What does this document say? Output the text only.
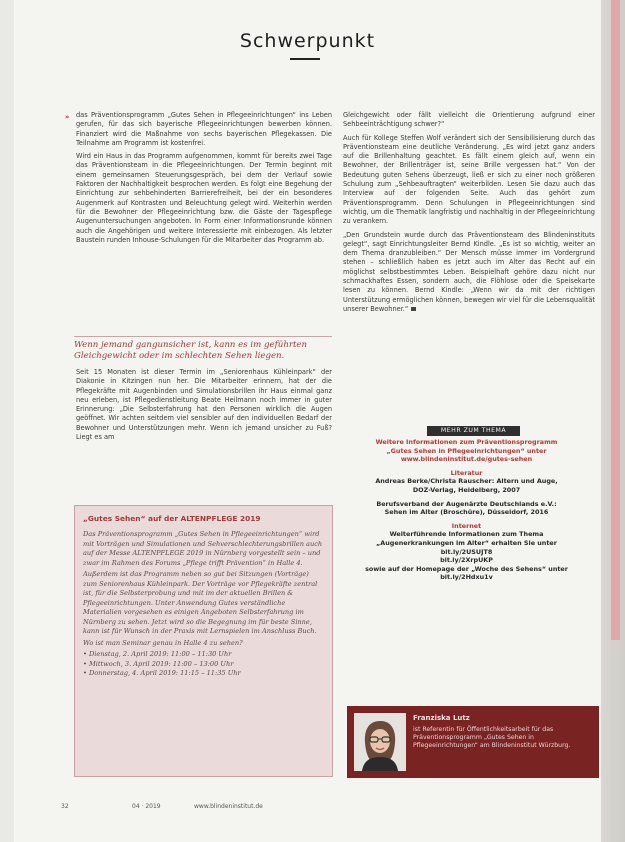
Schwerpunkt
» das Präventionsprogramm „Gutes Sehen in Pflegeeinrichtungen“ ins Leben gerufen, für das sich bayerische Pflegeeinrichtungen bewerben können. Finanziert wird die Maßnahme von sechs bayerischen Pflegekassen. Die Teilnahme am Programm ist kostenfrei.

Wird ein Haus in das Programm aufgenommen, kommt für bereits zwei Tage das Präventionsteam in die Pflegeeinrichtungen. Der Termin beginnt mit einem gemeinsamen Steuerungsgespräch, bei dem der Verlauf sowie Faktoren der Nachhaltigkeit besprochen werden. Es folgt eine Begehung der Einrichtung zur sehbehinderten Barrierefreiheit, bei der ein besonderes Augenmerk auf Kontrasten und Beleuchtung gelegt wird. Weiterhin werden für die Bewohner der Pflegeeinrichtung bzw. die Gäste der Tagespflege Augenuntersuchungen angeboten. In Form einer Informationsrunde können auch die Angehörigen und weitere Interessierte mit einbezogen. Als letzter Baustein runden Inhouse-Schulungen für die Mitarbeiter das Programm ab.

Wenn jemand gangunsicher ist, kann es im geführten Gleichgewicht oder im schlechten Sehen liegen.

Seit 15 Monaten ist dieser Termin im „Seniorenhaus Kühleinpark“ der Diakonie in Kitzingen nun her. Die Mitarbeiter erinnern, hat der die Pflegekräfte mit Augenbinden und Simulationsbrillen ihr Haus einmal ganz neu erleben, ist Pflegedienstleitung Beate Heilmann noch immer in guter Erinnerung: „Die Selbsterfahrung hat den Personen wirklich die Augen geöffnet. Wir achten seitdem viel sensibler auf den individuellen Bedarf der Bewohner und Unterstützungen mehr. Wenn ich jemand unsicher zu Fuß? Liegt es am

Gleichgewicht oder fällt vielleicht die Orientierung aufgrund einer Sehbeeinträchtigung schwer?“

Auch für Kollege Steffen Wolf verändert sich der Sensibilisierung durch das Präventionsteam eine deutliche Veränderung. „Es wird jetzt ganz anders auf die Brillenhaltung geachtet. Es fällt einem gleich auf, wenn ein Bewohner, der Brillenträger ist, seine Brille vergessen hat.“ Von der Bedeutung guten Sehens überzeugt, ließ er sich zu einer noch größeren Schulung zum „Sehbeauftragten“ weiterbilden. Lesen Sie dazu auch das Interview auf der folgenden Seite. Auch das gehört zum Präventionsprogramm. Denn Schulungen in Pflegeeinrichtungen sind wichtig, um die Thematik langfristig und nachhaltig in der Pflegeeinrichtung zu verankern.

„Den Grundstein wurde durch das Präventionsteam des Blindeninstituts gelegt“, sagt Einrichtungsleiter Bernd Kindle. „Es ist so wichtig, weiter an dem Thema dranzubleiben.“ Der Mensch müsse immer im Vordergrund stehen – schließlich haben es jetzt auch im Alter das Recht auf ein möglichst selbstbestimmtes Leben. Beispielhaft gehöre dazu nicht nur schmackhaftes Essen, sondern auch, die Flöhlose oder die Speisekarte lesen zu können. Bernd Kindle: „Wenn wir da mit der richtigen Unterstützung ermöglichen können, bewegen wir viel für die Lebensqualität unserer Bewohner.“

MEHR ZUM THEMA
Weitere Informationen zum Präventionsprogramm
„Gutes Sehen in Pflegeeinrichtungen“ unter
www.blindeninstitut.de/gutes-sehen
Literatur
Andreas Berke/Christa Rauscher: Altern und Auge,
DOZ-Verlag, Heidelberg, 2007
Berufsverband der Augenärzte Deutschlands e.V.:
Sehen im Alter (Broschüre), Düsseldorf, 2016
Internet
Weiterführende Informationen zum Thema
„Augenerkrankungen im Alter“ erhalten Sie unter
bit.ly/2USUJT8
bit.ly/2XrpUKP
sowie auf der Homepage der „Woche des Sehens“ unter
bit.ly/2Hdxu1v
„Gutes Sehen“ auf der ALTENPFLEGE 2019

Das Präventionsprogramm „Gutes Sehen in Pflegeeinrichtungen“ wird mit Vorträgen und Simulationen und Sehverschlechterungsbrillen auch auf der Messe ALTENPFLEGE 2019 in Nürnberg vorgestellt sein – und zwar im Rahmen des Forums „Pflege trifft Prävention“ in Halle 4.

Außerdem ist das Programm neben so gut bei Sitzungen (Vorträge) zum Seniorenhaus Kühleinpark. Der Vorträge vor Pflegekräfte zentral ist, für die Selbsterprobung und mit im der aktuellen Brillen & Pflegeeinrichtungen. Unter Anwendung Gutes verständliche Materialien vorgesehen es einigen Angeboten Selbsterfahrung im Nürnberg zu sehen. Jetzt wird so die Begegnung im für beste Sinne, kann ist für Wunsch in der Praxis mit Lernspielen im Anschluss Buch.

Wo ist man Seminar genau in Halle 4 zu sehen?

• Dienstag, 2. April 2019: 11:00 – 11:30 Uhr

• Mittwoch, 3. April 2019: 11:00 – 13:00 Uhr

• Donnerstag, 4. April 2019: 11:15 – 11:35 Uhr

Franziska Lutz
ist Referentin für Öffentlichkeitsarbeit für das Präventionsprogramm „Gutes Sehen in Pflegeeinrichtungen“ am Blindeninstitut Würzburg.
32	04 · 2019	www.blindeninstitut.de
